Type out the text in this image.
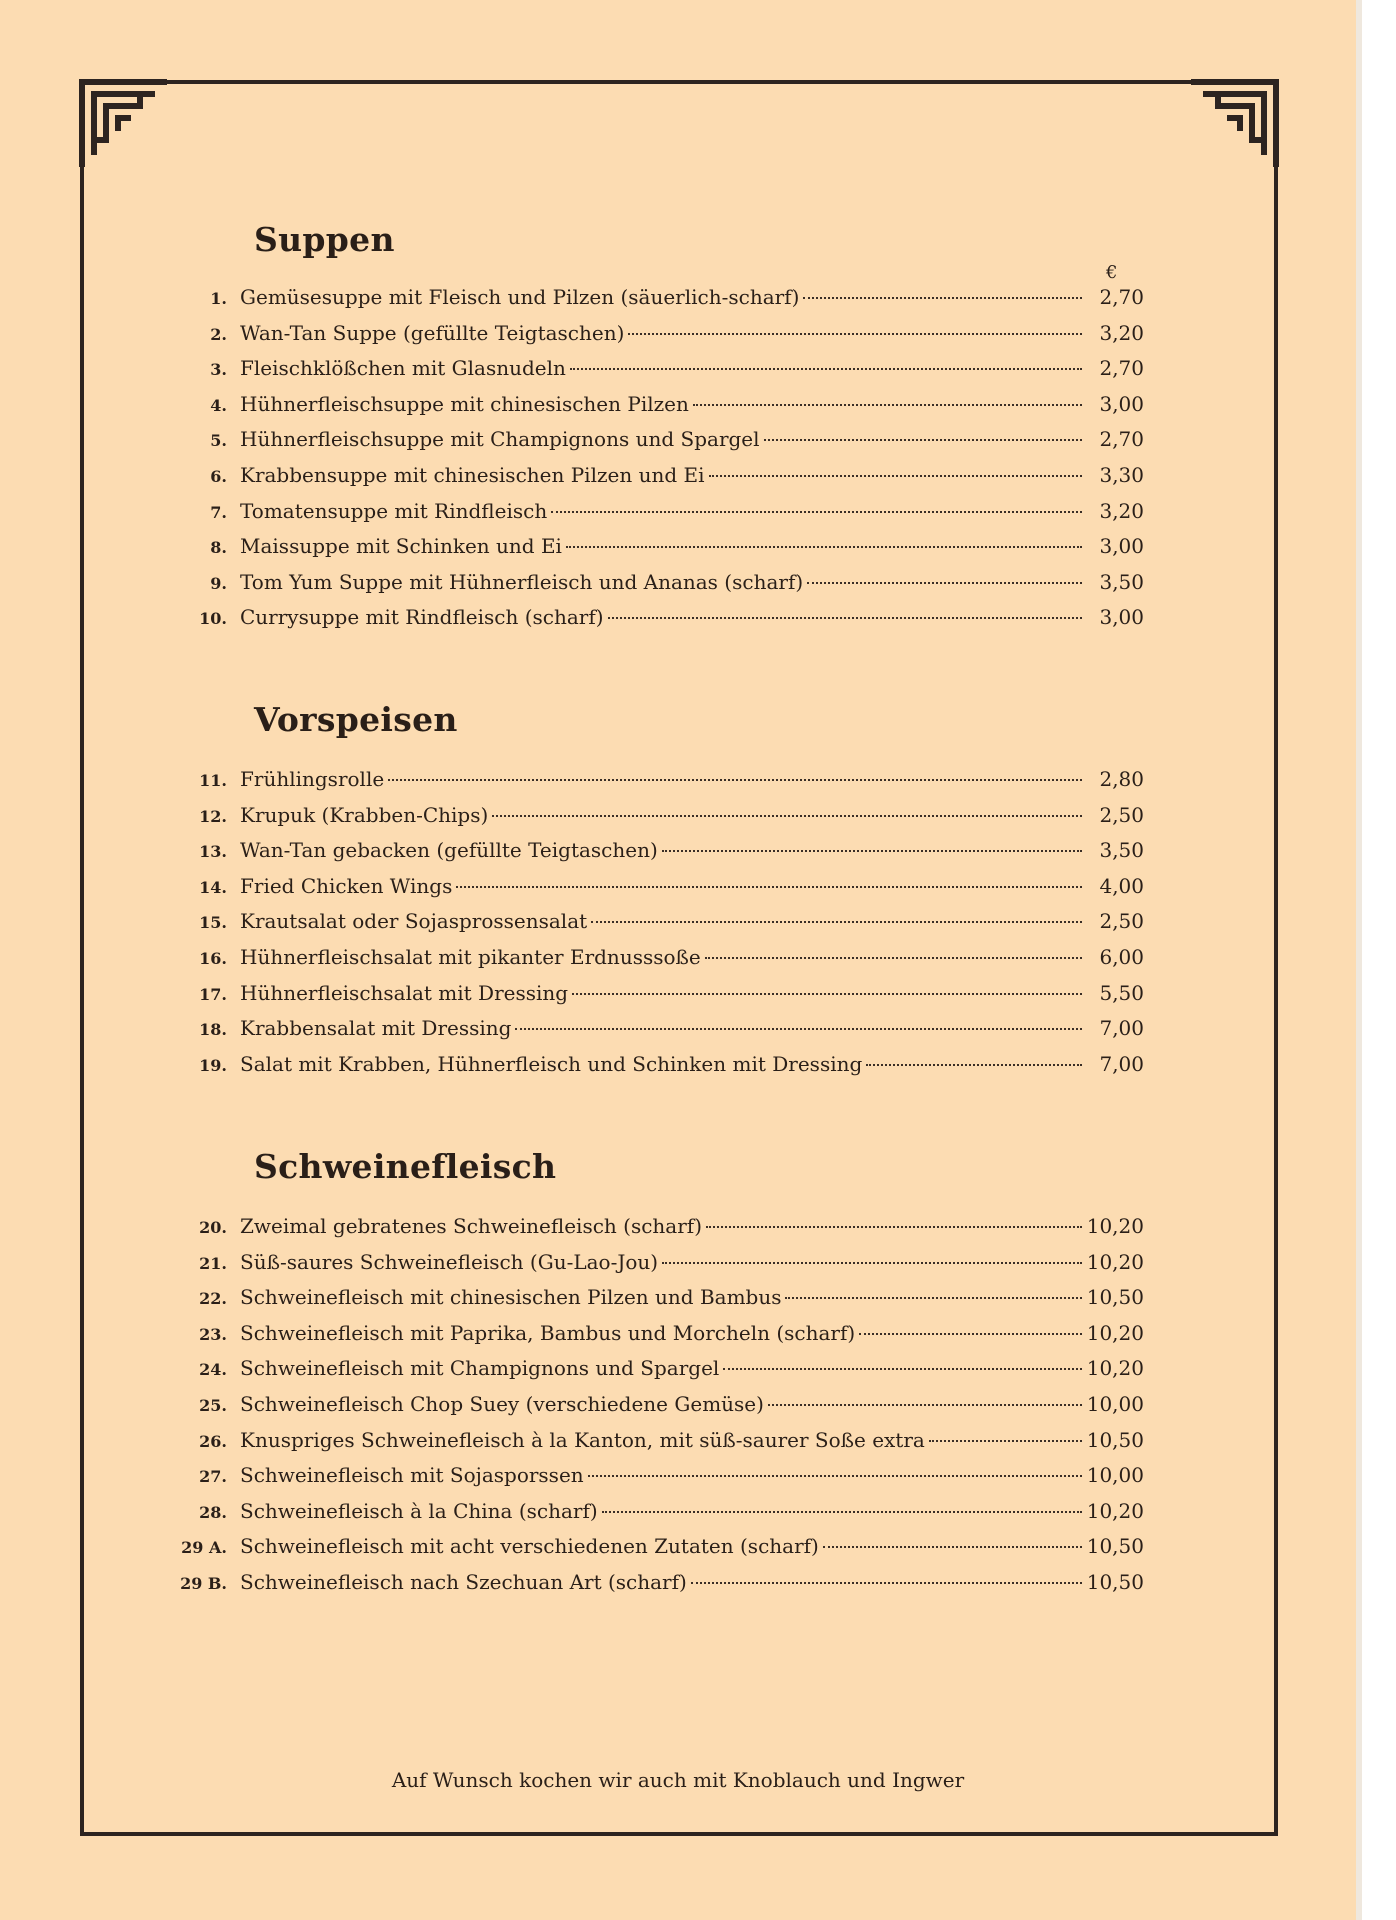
€
Suppen
1. Gemüsesuppe mit Fleisch und Pilzen (säuerlich-scharf)	2,70
2. Wan-Tan Suppe (gefüllte Teigtaschen)	3,20
3. Fleischklößchen mit Glasnudeln	2,70
4. Hühnerfleischsuppe mit chinesischen Pilzen	3,00
5. Hühnerfleischsuppe mit Champignons und Spargel	2,70
6. Krabbensuppe mit chinesischen Pilzen und Ei	3,30
7. Tomatensuppe mit Rindfleisch	3,20
8. Maissuppe mit Schinken und Ei	3,00
9. Tom Yum Suppe mit Hühnerfleisch und Ananas (scharf)	3,50
10. Currysuppe mit Rindfleisch (scharf)	3,00
Vorspeisen
11. Frühlingsrolle	2,80
12. Krupuk (Krabben-Chips)	2,50
13. Wan-Tan gebacken (gefüllte Teigtaschen)	3,50
14. Fried Chicken Wings	4,00
15. Krautsalat oder Sojasprossensalat	2,50
16. Hühnerfleischsalat mit pikanter Erdnusssoße	6,00
17. Hühnerfleischsalat mit Dressing	5,50
18. Krabbensalat mit Dressing	7,00
19. Salat mit Krabben, Hühnerfleisch und Schinken mit Dressing	7,00
Schweinefleisch
20. Zweimal gebratenes Schweinefleisch (scharf)	10,20
21. Süß-saures Schweinefleisch (Gu-Lao-Jou)	10,20
22. Schweinefleisch mit chinesischen Pilzen und Bambus	10,50
23. Schweinefleisch mit Paprika, Bambus und Morcheln (scharf)	10,20
24. Schweinefleisch mit Champignons und Spargel	10,20
25. Schweinefleisch Chop Suey (verschiedene Gemüse)	10,00
26. Knuspriges Schweinefleisch à la Kanton, mit süß-saurer Soße extra	10,50
27. Schweinefleisch mit Sojasporssen	10,00
28. Schweinefleisch à la China (scharf)	10,20
29 A. Schweinefleisch mit acht verschiedenen Zutaten (scharf)	10,50
29 B. Schweinefleisch nach Szechuan Art (scharf)	10,50
Auf Wunsch kochen wir auch mit Knoblauch und Ingwer
